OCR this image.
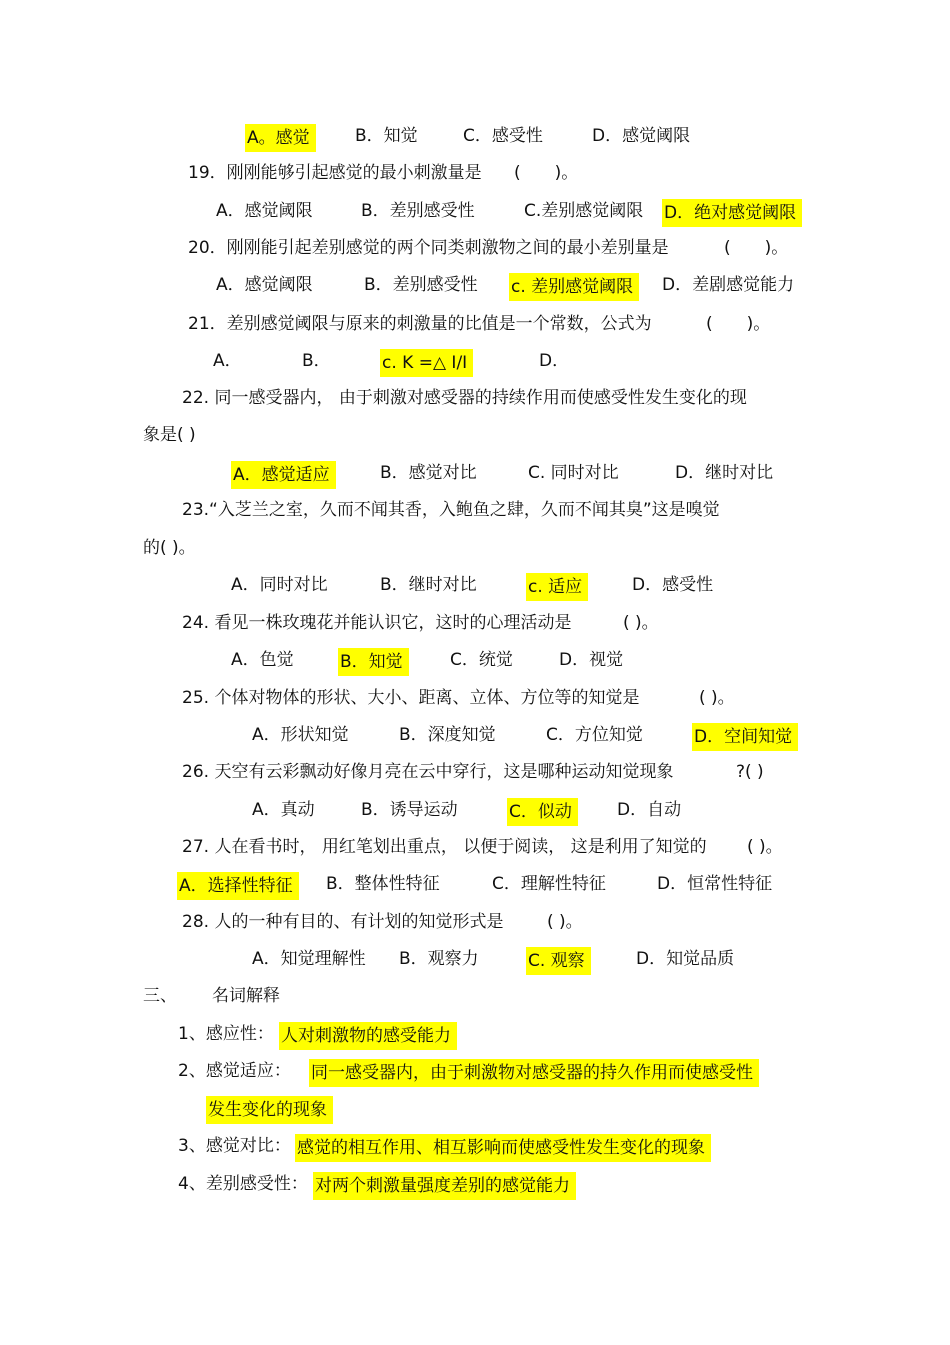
A。感觉	B．知觉	C．感受性	D．感觉阈限
19．刚刚能够引起感觉的最小刺激量是 (　　)。
A．感觉阈限	B．差别感受性	C.差别感觉阈限 D．绝对感觉阈限
20．刚刚能引起差别感觉的两个同类刺激物之间的最小差别量是	(　　)。
A．感觉阈限	B．差别感受性 c. 差别感觉阈限	D．差剧感觉能力
21．差别感觉阈限与原来的刺激量的比值是一个常数，公式为	(　　)。
A．	B．	c. K =△ I/I	D．
22. 同一感受器内， 由于刺激对感受器的持续作用而使感受性发生变化的现
象是( )
A．感觉适应	B．感觉对比	C. 同时对比	D．继时对比
23.“入芝兰之室，久而不闻其香，入鲍鱼之肆，久而不闻其臭”这是嗅觉
的( )。
A．同时对比	B．继时对比	c. 适应	D．感受性
24. 看见一株玫瑰花并能认识它，这时的心理活动是	( )。
A．色觉	B．知觉	C．统觉	D．视觉
25. 个体对物体的形状、大小、距离、立体、方位等的知觉是	( )。
A．形状知觉	B．深度知觉	C．方位知觉	D．空间知觉
26. 天空有云彩飘动好像月亮在云中穿行，这是哪种运动知觉现象	?( )
A．真动	B．诱导运动	C．似动	D．自动
27. 人在看书时， 用红笔划出重点， 以便于阅读， 这是利用了知觉的 ( )。
A．选择性特征	B．整体性特征	C．理解性特征	D．恒常性特征
28. 人的一种有目的、有计划的知觉形式是	( )。
A．知觉理解性 B．观察力	C. 观察	D．知觉品质
三、 名词解释
1、感应性： 人对刺激物的感受能力
2、感觉适应： 同一感受器内，由于刺激物对感受器的持久作用而使感受性
发生变化的现象
3、感觉对比： 感觉的相互作用、相互影响而使感受性发生变化的现象
4、差别感受性： 对两个刺激量强度差别的感觉能力
